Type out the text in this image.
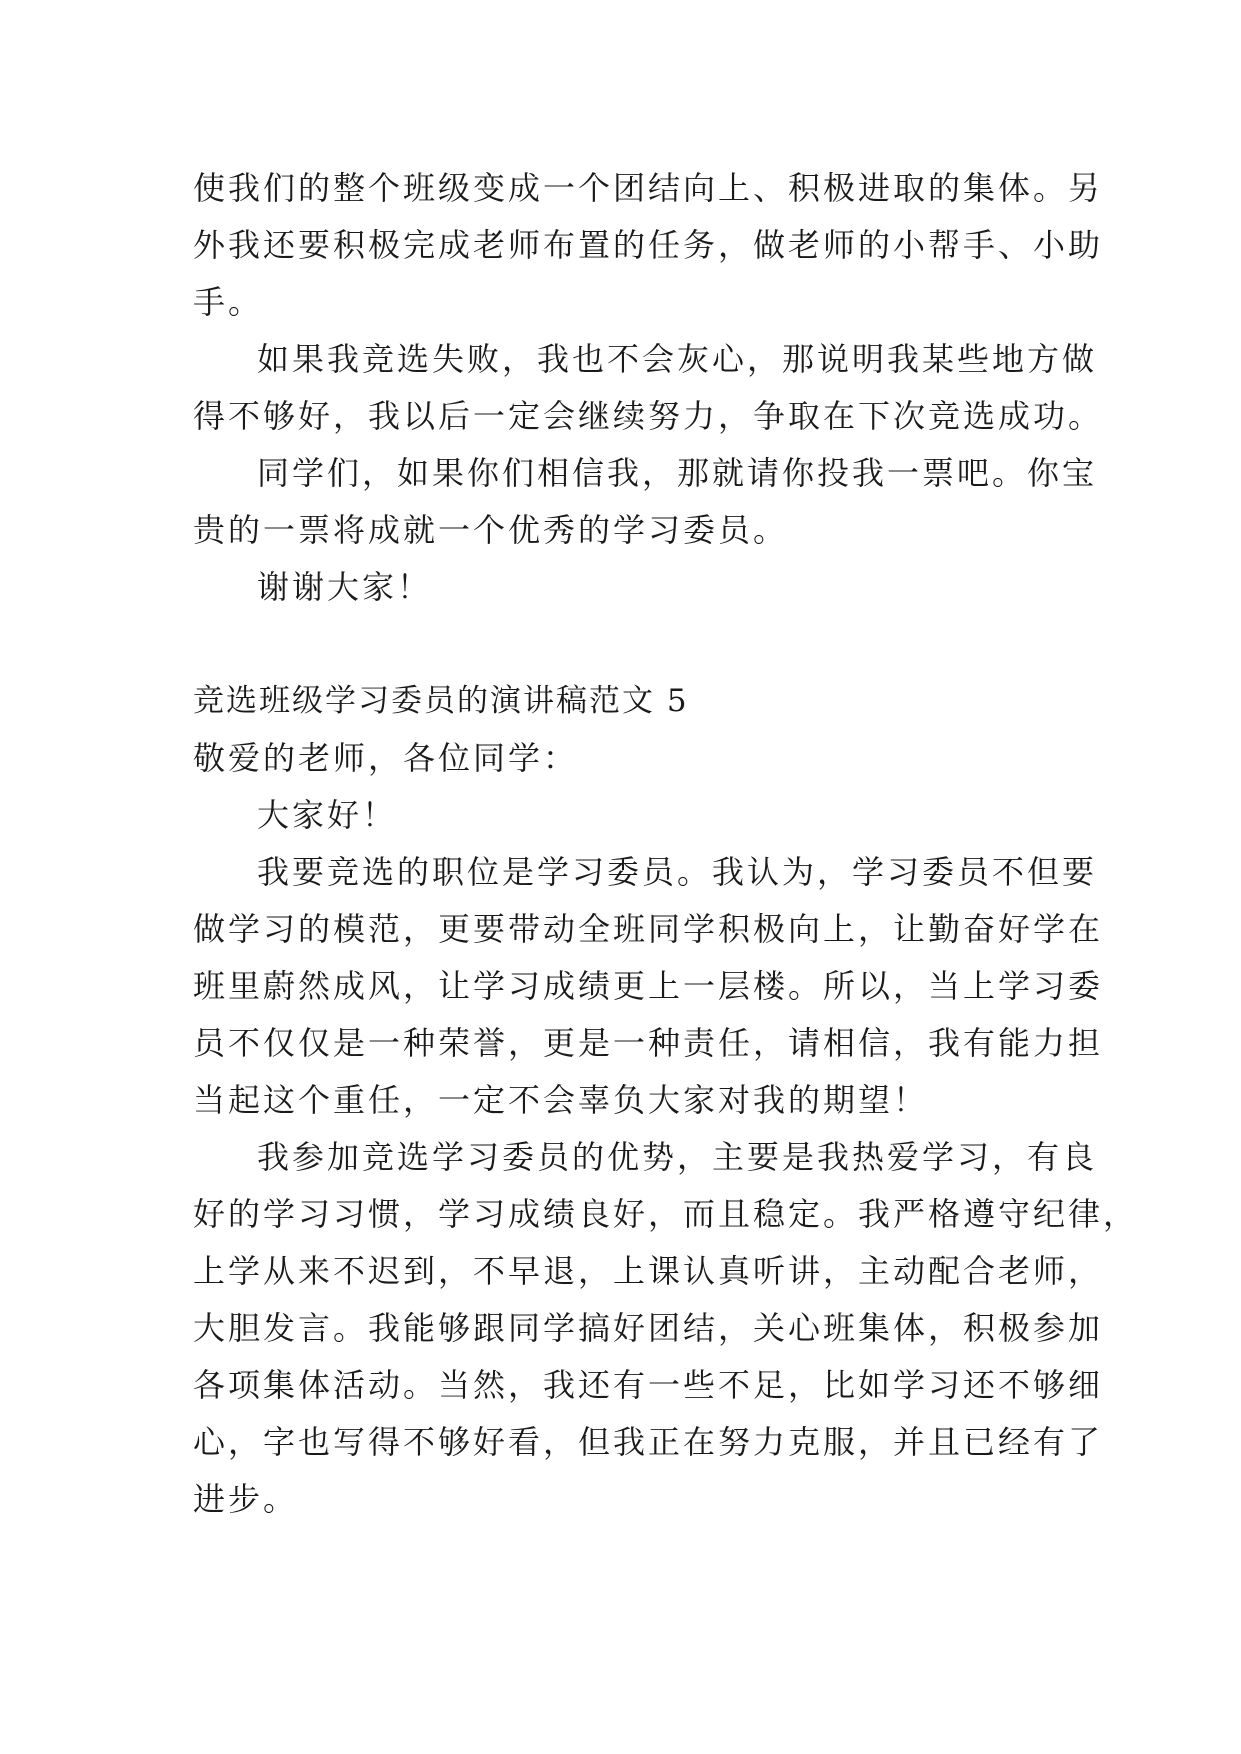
使我们的整个班级变成一个团结向上、积极进取的集体。另
外我还要积极完成老师布置的任务，做老师的小帮手、小助
手。

如果我竞选失败，我也不会灰心，那说明我某些地方做
得不够好，我以后一定会继续努力，争取在下次竞选成功。

同学们，如果你们相信我，那就请你投我一票吧。你宝
贵的一票将成就一个优秀的学习委员。

谢谢大家！

竞选班级学习委员的演讲稿范文 5

敬爱的老师，各位同学：

大家好！

我要竞选的职位是学习委员。我认为，学习委员不但要
做学习的模范，更要带动全班同学积极向上，让勤奋好学在
班里蔚然成风，让学习成绩更上一层楼。所以，当上学习委
员不仅仅是一种荣誉，更是一种责任，请相信，我有能力担
当起这个重任，一定不会辜负大家对我的期望！

我参加竞选学习委员的优势，主要是我热爱学习，有良
好的学习习惯，学习成绩良好，而且稳定。我严格遵守纪律，
上学从来不迟到，不早退，上课认真听讲，主动配合老师，
大胆发言。我能够跟同学搞好团结，关心班集体，积极参加
各项集体活动。当然，我还有一些不足，比如学习还不够细
心，字也写得不够好看，但我正在努力克服，并且已经有了
进步。
